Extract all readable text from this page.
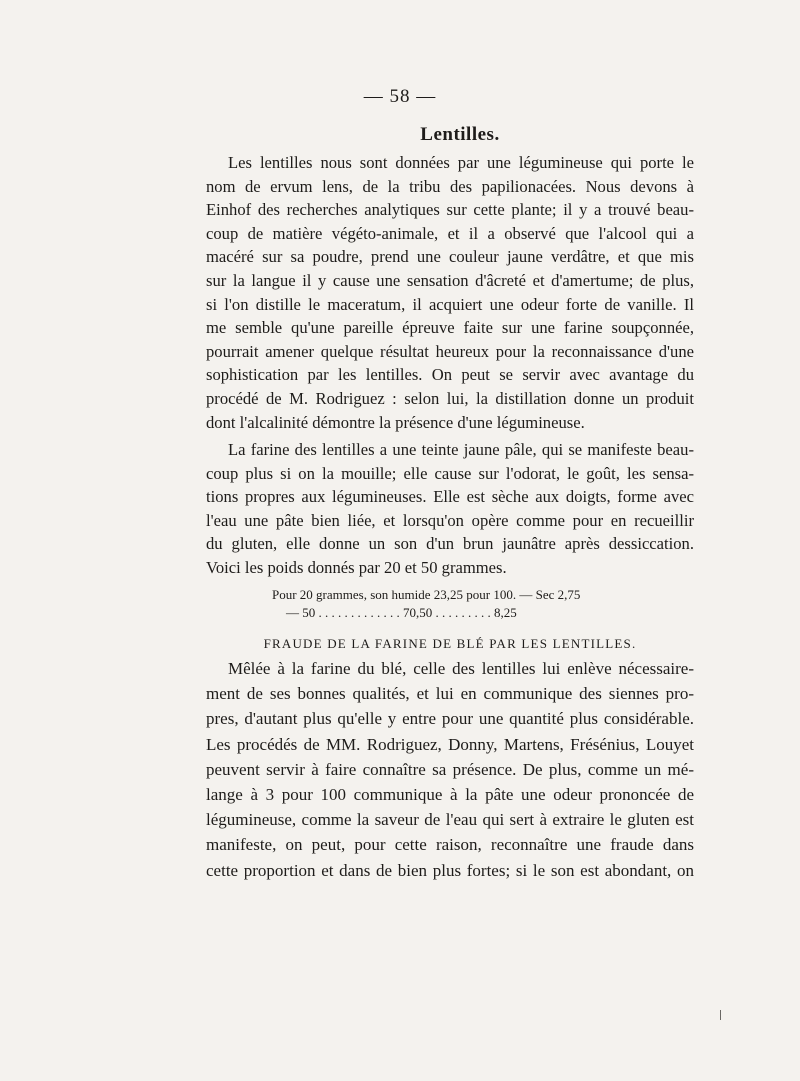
— 58 —
Lentilles.
Les lentilles nous sont données par une légumineuse qui porte le
nom de ervum lens, de la tribu des papilionacées. Nous devons à
Einhof des recherches analytiques sur cette plante; il y a trouvé beau-
coup de matière végéto-animale, et il a observé que l'alcool qui a
macéré sur sa poudre, prend une couleur jaune verdâtre, et que mis
sur la langue il y cause une sensation d'âcreté et d'amertume; de plus,
si l'on distille le maceratum, il acquiert une odeur forte de vanille. Il
me semble qu'une pareille épreuve faite sur une farine soupçonnée,
pourrait amener quelque résultat heureux pour la reconnaissance d'une
sophistication par les lentilles. On peut se servir avec avantage du
procédé de M. Rodriguez : selon lui, la distillation donne un produit
dont l'alcalinité démontre la présence d'une légumineuse.
La farine des lentilles a une teinte jaune pâle, qui se manifeste beau-
coup plus si on la mouille; elle cause sur l'odorat, le goût, les sensa-
tions propres aux légumineuses. Elle est sèche aux doigts, forme avec
l'eau une pâte bien liée, et lorsqu'on opère comme pour en recueillir
du gluten, elle donne un son d'un brun jaunâtre après dessiccation.
Voici les poids donnés par 20 et 50 grammes.
Pour 20 grammes, son humide 23,25 pour 100. — Sec 2,75
— 50 . . . . . . . . . . . . . 70,50 . . . . . . . . . 8,25
FRAUDE DE LA FARINE DE BLÉ PAR LES LENTILLES.
Mêlée à la farine du blé, celle des lentilles lui enlève nécessaire-
ment de ses bonnes qualités, et lui en communique des siennes pro-
pres, d'autant plus qu'elle y entre pour une quantité plus considérable.
Les procédés de MM. Rodriguez, Donny, Martens, Frésénius, Louyet
peuvent servir à faire connaître sa présence. De plus, comme un mé-
lange à 3 pour 100 communique à la pâte une odeur prononcée de
légumineuse, comme la saveur de l'eau qui sert à extraire le gluten est
manifeste, on peut, pour cette raison, reconnaître une fraude dans
cette proportion et dans de bien plus fortes; si le son est abondant, on
